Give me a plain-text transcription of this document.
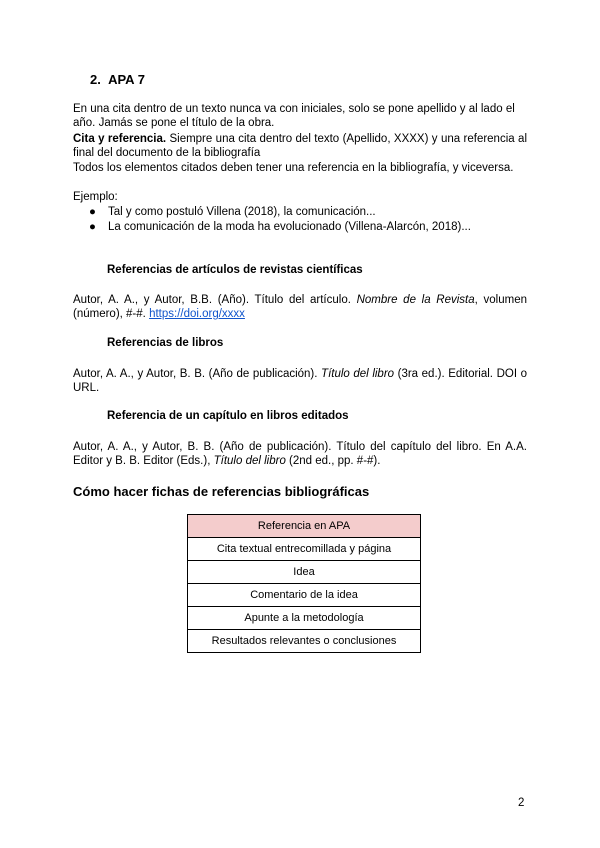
2. APA 7

En una cita dentro de un texto nunca va con iniciales, solo se pone apellido y al lado el año. Jamás se pone el título de la obra.

Cita y referencia. Siempre una cita dentro del texto (Apellido, XXXX) y una referencia al final del documento de la bibliografía

Todos los elementos citados deben tener una referencia en la bibliografía, y viceversa.

Ejemplo:

● Tal y como postuló Villena (2018), la comunicación...
● La comunicación de la moda ha evolucionado (Villena-Alarcón, 2018)...

Referencias de artículos de revistas científicas

Autor, A. A., y Autor, B.B. (Año). Título del artículo. Nombre de la Revista, volumen (número), #-#. https://doi.org/xxxx

Referencias de libros

Autor, A. A., y Autor, B. B. (Año de publicación). Título del libro (3ra ed.). Editorial. DOI o URL.

Referencia de un capítulo en libros editados

Autor, A. A., y Autor, B. B. (Año de publicación). Título del capítulo del libro. En A.A. Editor y B. B. Editor (Eds.), Título del libro (2nd ed., pp. #-#).

Cómo hacer fichas de referencias bibliográficas
Referencia en APA
Cita textual entrecomillada y página
Idea
Comentario de la idea
Apunte a la metodología
Resultados relevantes o conclusiones

2
